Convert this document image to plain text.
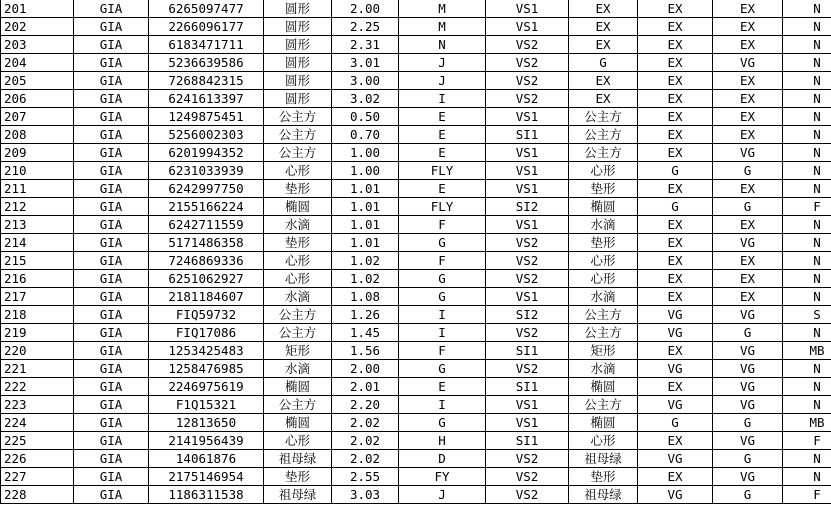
201	GIA	6265097477	圆形	2.00	M	VS1	EX	EX	EX	N
202	GIA	2266096177	圆形	2.25	M	VS1	EX	EX	EX	N
203	GIA	6183471711	圆形	2.31	N	VS2	EX	EX	EX	N
204	GIA	5236639586	圆形	3.01	J	VS2	G	EX	VG	N
205	GIA	7268842315	圆形	3.00	J	VS2	EX	EX	EX	N
206	GIA	6241613397	圆形	3.02	I	VS2	EX	EX	EX	N
207	GIA	1249875451	公主方	0.50	E	VS1	公主方	EX	EX	N
208	GIA	5256002303	公主方	0.70	E	SI1	公主方	EX	EX	N
209	GIA	6201994352	公主方	1.00	E	VS1	公主方	EX	VG	N
210	GIA	6231033939	心形	1.00	FLY	VS1	心形	G	G	N
211	GIA	6242997750	垫形	1.01	E	VS1	垫形	EX	EX	N
212	GIA	2155166224	椭圆	1.01	FLY	SI2	椭圆	G	G	F
213	GIA	6242711559	水滴	1.01	F	VS1	水滴	EX	EX	N
214	GIA	5171486358	垫形	1.01	G	VS2	垫形	EX	VG	N
215	GIA	7246869336	心形	1.02	F	VS2	心形	EX	EX	N
216	GIA	6251062927	心形	1.02	G	VS2	心形	EX	EX	N
217	GIA	2181184607	水滴	1.08	G	VS1	水滴	EX	EX	N
218	GIA	FIQ59732	公主方	1.26	I	SI2	公主方	VG	VG	S
219	GIA	FIQ17086	公主方	1.45	I	VS2	公主方	VG	G	N
220	GIA	1253425483	矩形	1.56	F	SI1	矩形	EX	VG	MB
221	GIA	1258476985	水滴	2.00	G	VS2	水滴	VG	VG	N
222	GIA	2246975619	椭圆	2.01	E	SI1	椭圆	EX	VG	N
223	GIA	F1Q15321	公主方	2.20	I	VS1	公主方	VG	VG	N
224	GIA	12813650	椭圆	2.02	G	VS1	椭圆	G	G	MB
225	GIA	2141956439	心形	2.02	H	SI1	心形	EX	VG	F
226	GIA	14061876	祖母绿	2.02	D	VS2	祖母绿	VG	G	N
227	GIA	2175146954	垫形	2.55	FY	VS2	垫形	EX	VG	N
228	GIA	1186311538	祖母绿	3.03	J	VS2	祖母绿	VG	G	F
